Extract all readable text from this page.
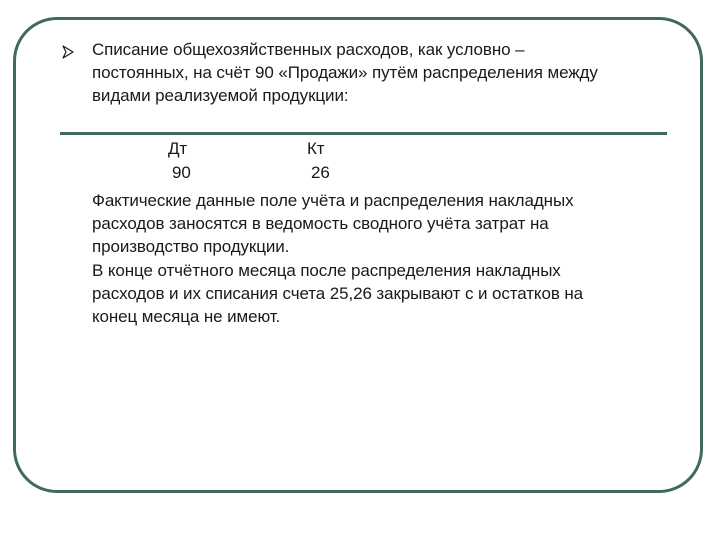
Списание общехозяйственных расходов, как условно –
постоянных, на счёт 90 «Продажи» путём распределения между
видами реализуемой продукции:
Дт	Кт
90	26
Фактические данные поле учёта и распределения накладных
расходов заносятся в ведомость сводного учёта затрат на
производство продукции.
В конце отчётного месяца после распределения накладных
расходов и их списания счета 25,26 закрывают с и остатков на
конец месяца не имеют.
